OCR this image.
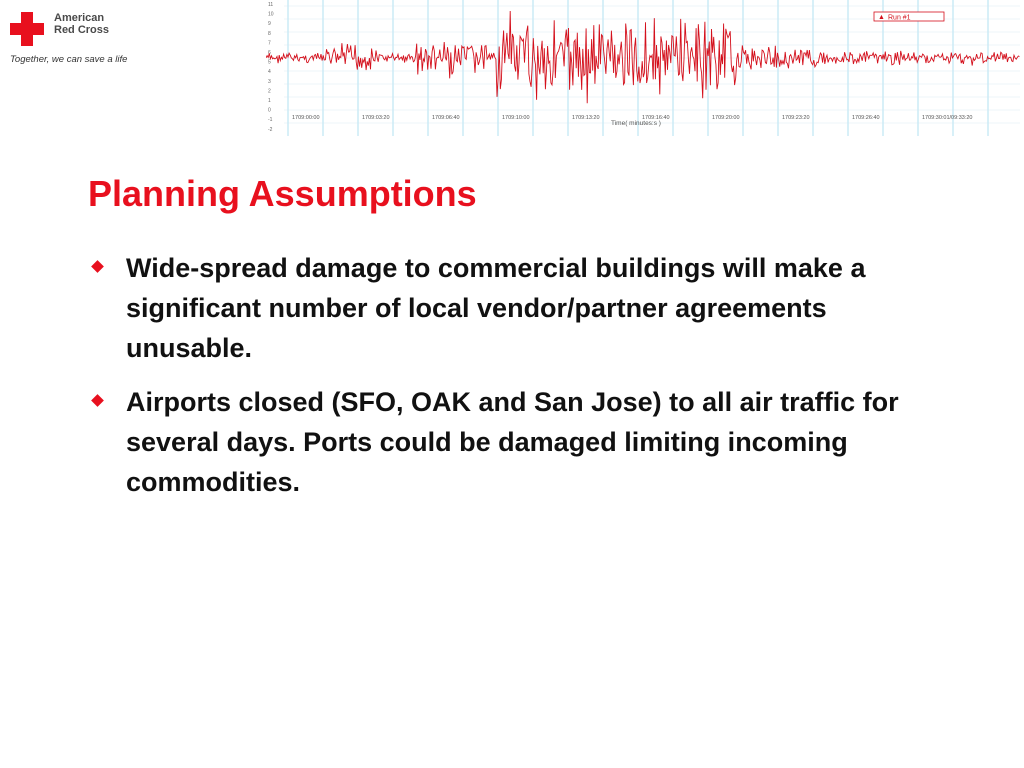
American
Red Cross
Together, we can save a life
11
10
9
8
7
6
5
4
3
2
1
0
-1
-2
1709:00:00	1709:03:20	1709:06:40	1709:10:00	1709:13:20	1709:16:40	1709:20:00	1709:23:20	1709:26:40	1709:30:01/09:33:20
▲ Run #1
Time( minutes:s )
Planning Assumptions
Wide-spread damage to commercial buildings will make a significant number of local vendor/partner agreements unusable.
Airports closed (SFO, OAK and San Jose) to all air traffic for several days. Ports could be damaged limiting incoming commodities.
